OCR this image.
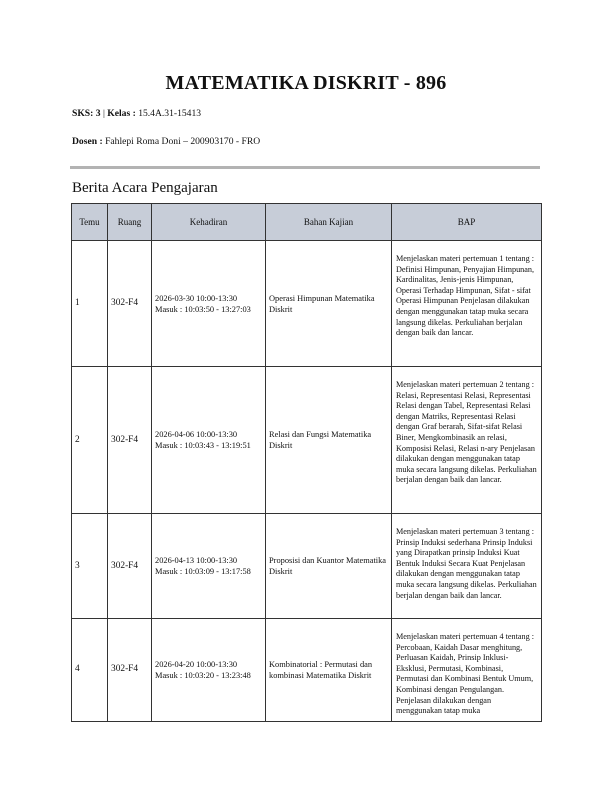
MATEMATIKA DISKRIT - 896
SKS: 3 | Kelas : 15.4A.31-15413
Dosen : Fahlepi Roma Doni – 200903170 - FRO
Berita Acara Pengajaran
Temu	Ruang	Kehadiran	Bahan Kajian	BAP
1	302-F4	2026-03-30 10:00-13:30
Masuk : 10:03:50 - 13:27:03	Operasi Himpunan Matematika Diskrit	Menjelaskan materi pertemuan 1 tentang : Definisi Himpunan, Penyajian Himpunan, Kardinalitas, Jenis-jenis Himpunan, Operasi Terhadap Himpunan, Sifat - sifat Operasi Himpunan Penjelasan dilakukan dengan menggunakan tatap muka secara langsung dikelas. Perkuliahan berjalan dengan baik dan lancar.
2	302-F4	2026-04-06 10:00-13:30
Masuk : 10:03:43 - 13:19:51	Relasi dan Fungsi Matematika Diskrit	Menjelaskan materi pertemuan 2 tentang : Relasi, Representasi Relasi, Representasi Relasi dengan Tabel, Representasi Relasi dengan Matriks, Representasi Relasi dengan Graf berarah, Sifat-sifat Relasi Biner, Mengkombinasik an relasi, Komposisi Relasi, Relasi n-ary Penjelasan dilakukan dengan menggunakan tatap muka secara langsung dikelas. Perkuliahan berjalan dengan baik dan lancar.
3	302-F4	2026-04-13 10:00-13:30
Masuk : 10:03:09 - 13:17:58	Proposisi dan Kuantor Matematika Diskrit	Menjelaskan materi pertemuan 3 tentang : Prinsip Induksi sederhana Prinsip Induksi yang Dirapatkan prinsip Induksi Kuat Bentuk Induksi Secara Kuat Penjelasan dilakukan dengan menggunakan tatap muka secara langsung dikelas. Perkuliahan berjalan dengan baik dan lancar.
4	302-F4	2026-04-20 10:00-13:30
Masuk : 10:03:20 - 13:23:48	Kombinatorial : Permutasi dan kombinasi Matematika Diskrit	Menjelaskan materi pertemuan 4 tentang : Percobaan, Kaidah Dasar menghitung, Perluasan Kaidah, Prinsip Inklusi-Eksklusi, Permutasi, Kombinasi, Permutasi dan Kombinasi Bentuk Umum, Kombinasi dengan Pengulangan. Penjelasan dilakukan dengan menggunakan tatap muka
